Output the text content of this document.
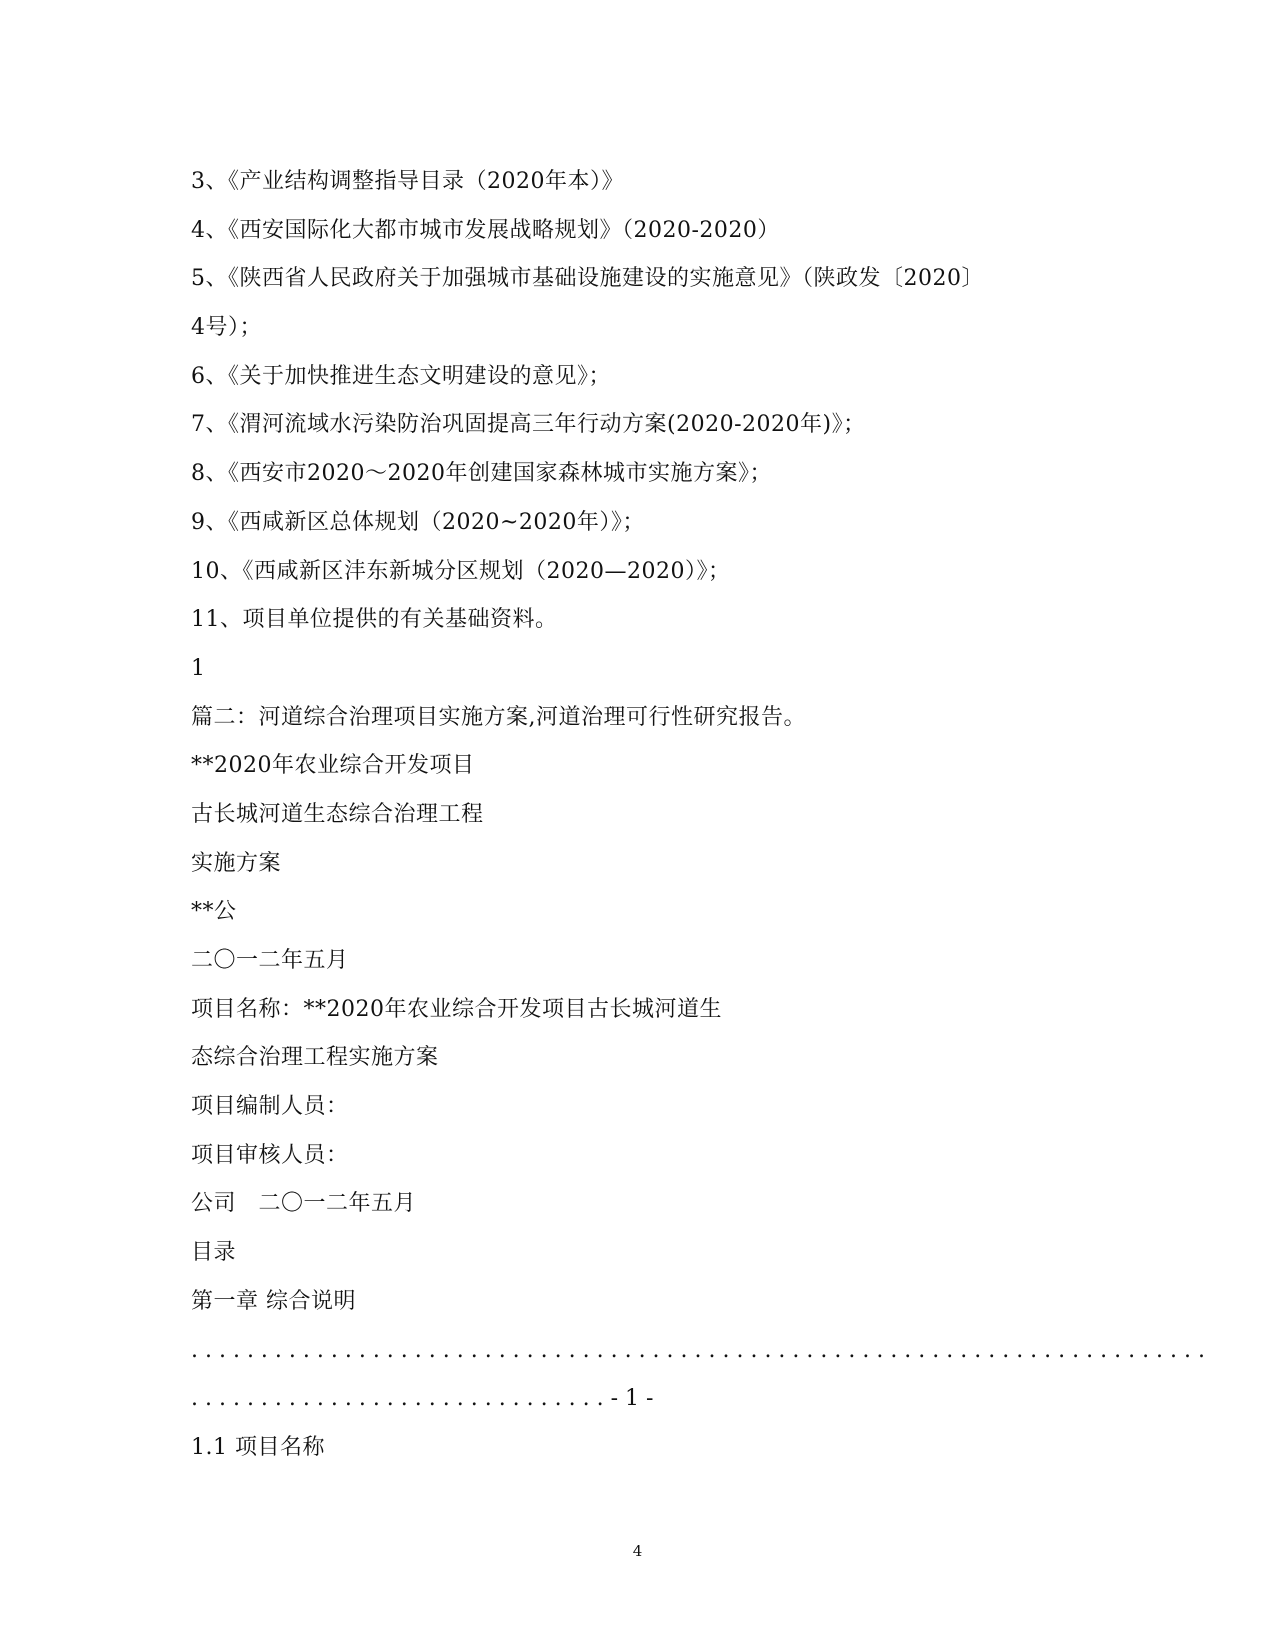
3、《产业结构调整指导目录（2020年本）》
4、《西安国际化大都市城市发展战略规划》（2020-2020）
5、《陕西省人民政府关于加强城市基础设施建设的实施意见》（陕政发〔2020〕
4号）；
6、《关于加快推进生态文明建设的意见》；
7、《渭河流域水污染防治巩固提高三年行动方案(2020-2020年)》；
8、《西安市2020～2020年创建国家森林城市实施方案》；
9、《西咸新区总体规划（2020~2020年）》；
10、《西咸新区沣东新城分区规划（2020—2020）》；
11、项目单位提供的有关基础资料。
1
篇二：河道综合治理项目实施方案,河道治理可行性研究报告。
**2020年农业综合开发项目
古长城河道生态综合治理工程
实施方案
**公
二〇一二年五月
项目名称：**2020年农业综合开发项目古长城河道生
态综合治理工程实施方案
项目编制人员：
项目审核人员：
公司　二〇一二年五月
目录
第一章 综合说明
. . . . . . . . . . . . . . . . . . . . . . . . . . . . . . . . . . . . . . . . . . . . . . . . . . . . . . . . . . . . . . . . . . . . . . . . .
. . . . . . . . . . . . . . . . . . . . . . . . . . . . . . - 1 -
1.1 项目名称
4
